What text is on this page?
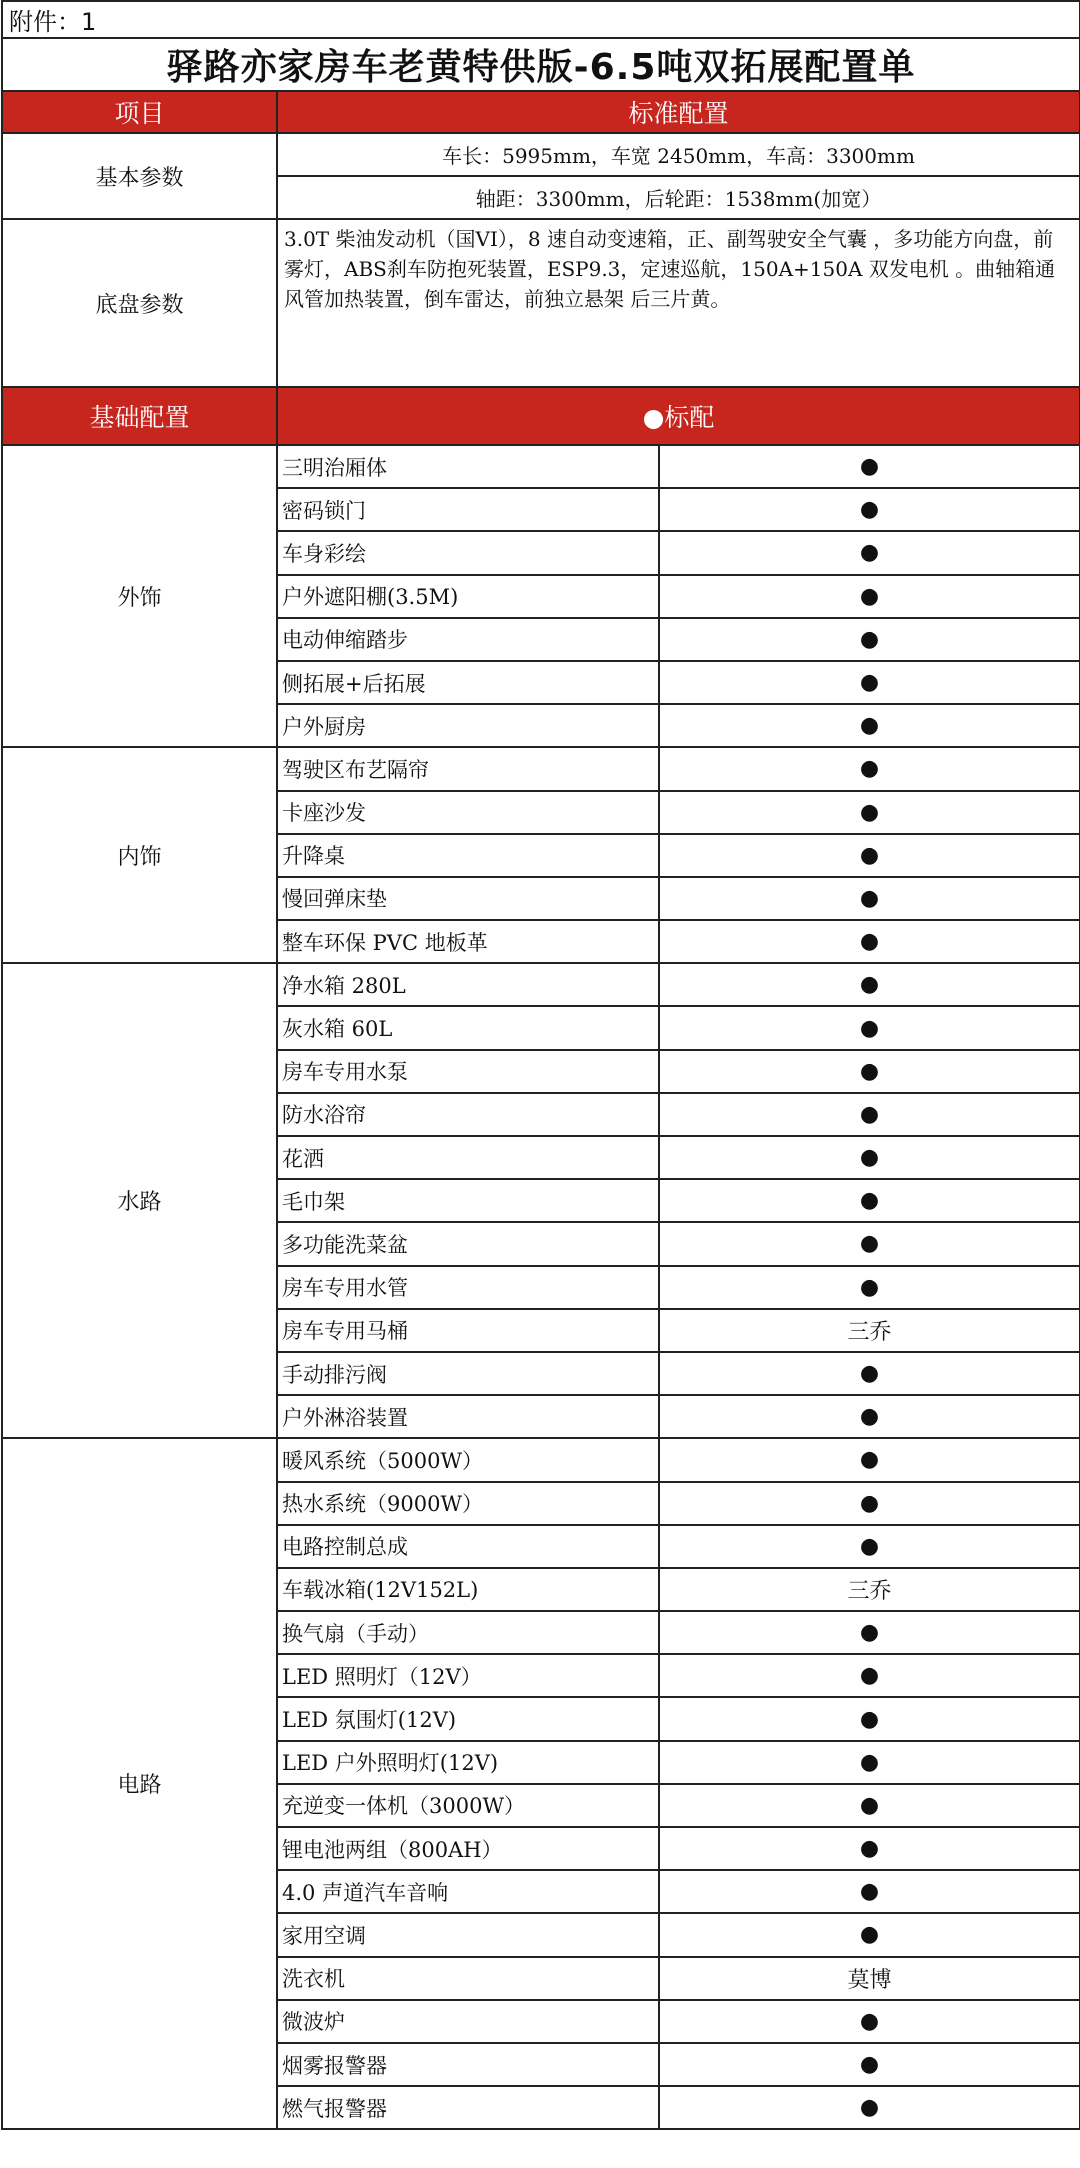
附件：1		
驿路亦家房车老黄特供版-6.5吨双拓展配置单		
项目	标准配置	
基本参数	车长：5995mm，车宽 2450mm，车高：3300mm	
	轴距：3300mm，后轮距：1538mm(加宽）	
底盘参数	3.0T 柴油发动机（国VI），8 速自动变速箱，正、副驾驶安全气囊 ，多功能方向盘，前雾灯，ABS刹车防抱死装置，ESP9.3，定速巡航，150A+150A 双发电机 。曲轴箱通风管加热装置，倒车雷达，前独立悬架 后三片黄。	
基础配置	●标配	
外饰	三明治厢体	●
	密码锁门	●
	车身彩绘	●
	户外遮阳棚(3.5M)	●
	电动伸缩踏步	●
	侧拓展+后拓展	●
	户外厨房	●
内饰	驾驶区布艺隔帘	●
	卡座沙发	●
	升降桌	●
	慢回弹床垫	●
	整车环保 PVC 地板革	●
水路	净水箱 280L	●
	灰水箱 60L	●
	房车专用水泵	●
	防水浴帘	●
	花洒	●
	毛巾架	●
	多功能洗菜盆	●
	房车专用水管	●
	房车专用马桶	三乔
	手动排污阀	●
	户外淋浴装置	●
电路	暖风系统（5000W）	●
	热水系统（9000W）	●
	电路控制总成	●
	车载冰箱(12V152L)	三乔
	换气扇（手动）	●
	LED 照明灯（12V）	●
	LED 氛围灯(12V)	●
	LED 户外照明灯(12V)	●
	充逆变一体机（3000W）	●
	锂电池两组（800AH）	●
	4.0 声道汽车音响	●
	家用空调	●
	洗衣机	莫博
	微波炉	●
	烟雾报警器	●
	燃气报警器	●
